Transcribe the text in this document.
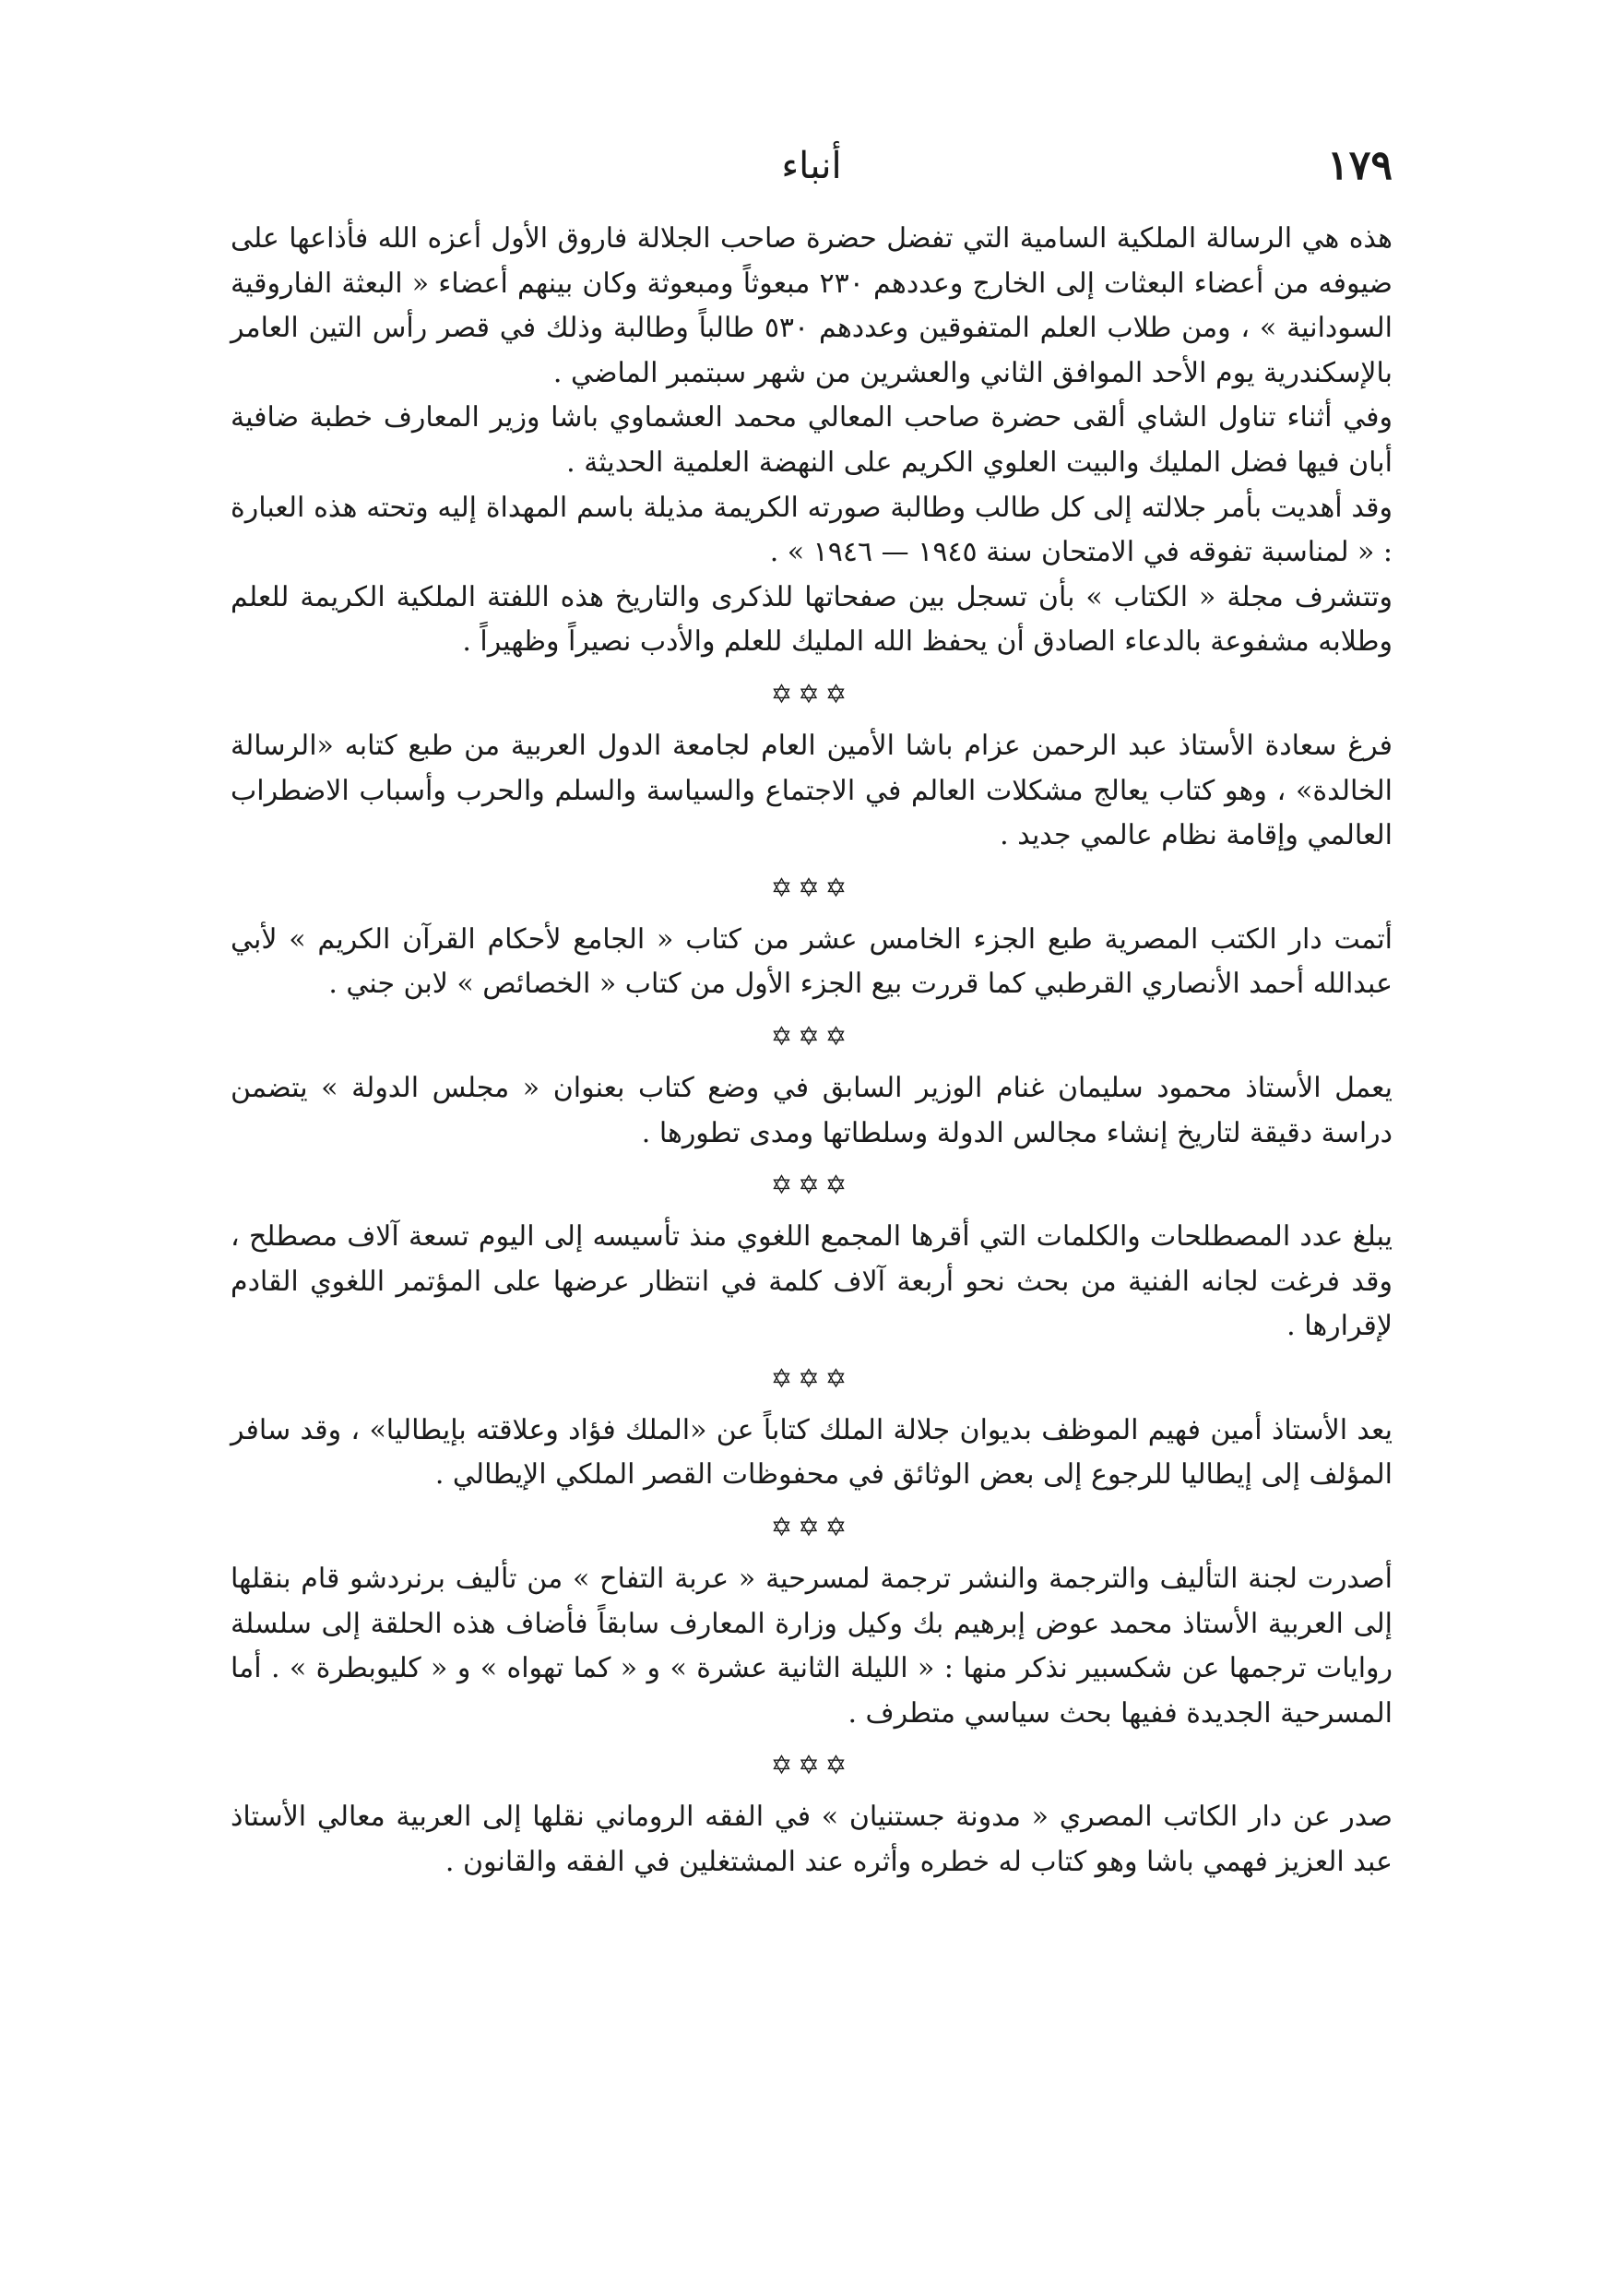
١٧٩
أنباء

هذه هي الرسالة الملكية السامية التي تفضل حضرة صاحب الجلالة فاروق الأول أعزه الله فأذاعها على ضيوفه من أعضاء البعثات إلى الخارج وعددهم ٢٣٠ مبعوثاً ومبعوثة وكان بينهم أعضاء « البعثة الفاروقية السودانية » ، ومن طلاب العلم المتفوقين وعددهم ٥٣٠ طالباً وطالبة وذلك في قصر رأس التين العامر بالإسكندرية يوم الأحد الموافق الثاني والعشرين من شهر سبتمبر الماضي .

وفي أثناء تناول الشاي ألقى حضرة صاحب المعالي محمد العشماوي باشا وزير المعارف خطبة ضافية أبان فيها فضل المليك والبيت العلوي الكريم على النهضة العلمية الحديثة .

وقد أهديت بأمر جلالته إلى كل طالب وطالبة صورته الكريمة مذيلة باسم المهداة إليه وتحته هذه العبارة : « لمناسبة تفوقه في الامتحان سنة ١٩٤٥ — ١٩٤٦ » .

وتتشرف مجلة « الكتاب » بأن تسجل بين صفحاتها للذكرى والتاريخ هذه اللفتة الملكية الكريمة للعلم وطلابه مشفوعة بالدعاء الصادق أن يحفظ الله المليك للعلم والأدب نصيراً وظهيراً .

✡✡✡

فرغ سعادة الأستاذ عبد الرحمن عزام باشا الأمين العام لجامعة الدول العربية من طبع كتابه «الرسالة الخالدة» ، وهو كتاب يعالج مشكلات العالم في الاجتماع والسياسة والسلم والحرب وأسباب الاضطراب العالمي وإقامة نظام عالمي جديد .

✡✡✡

أتمت دار الكتب المصرية طبع الجزء الخامس عشر من كتاب « الجامع لأحكام القرآن الكريم » لأبي عبدالله أحمد الأنصاري القرطبي كما قررت بيع الجزء الأول من كتاب « الخصائص » لابن جني .

✡✡✡

يعمل الأستاذ محمود سليمان غنام الوزير السابق في وضع كتاب بعنوان « مجلس الدولة » يتضمن دراسة دقيقة لتاريخ إنشاء مجالس الدولة وسلطاتها ومدى تطورها .

✡✡✡

يبلغ عدد المصطلحات والكلمات التي أقرها المجمع اللغوي منذ تأسيسه إلى اليوم تسعة آلاف مصطلح ، وقد فرغت لجانه الفنية من بحث نحو أربعة آلاف كلمة في انتظار عرضها على المؤتمر اللغوي القادم لإقرارها .

✡✡✡

يعد الأستاذ أمين فهيم الموظف بديوان جلالة الملك كتاباً عن «الملك فؤاد وعلاقته بإيطاليا» ، وقد سافر المؤلف إلى إيطاليا للرجوع إلى بعض الوثائق في محفوظات القصر الملكي الإيطالي .

✡✡✡

أصدرت لجنة التأليف والترجمة والنشر ترجمة لمسرحية « عربة التفاح » من تأليف برنردشو قام بنقلها إلى العربية الأستاذ محمد عوض إبرهيم بك وكيل وزارة المعارف سابقاً فأضاف هذه الحلقة إلى سلسلة روايات ترجمها عن شكسبير نذكر منها : « الليلة الثانية عشرة » و « كما تهواه » و « كليوبطرة » . أما المسرحية الجديدة ففيها بحث سياسي متطرف .

✡✡✡

صدر عن دار الكاتب المصري « مدونة جستنيان » في الفقه الروماني نقلها إلى العربية معالي الأستاذ عبد العزيز فهمي باشا وهو كتاب له خطره وأثره عند المشتغلين في الفقه والقانون .
